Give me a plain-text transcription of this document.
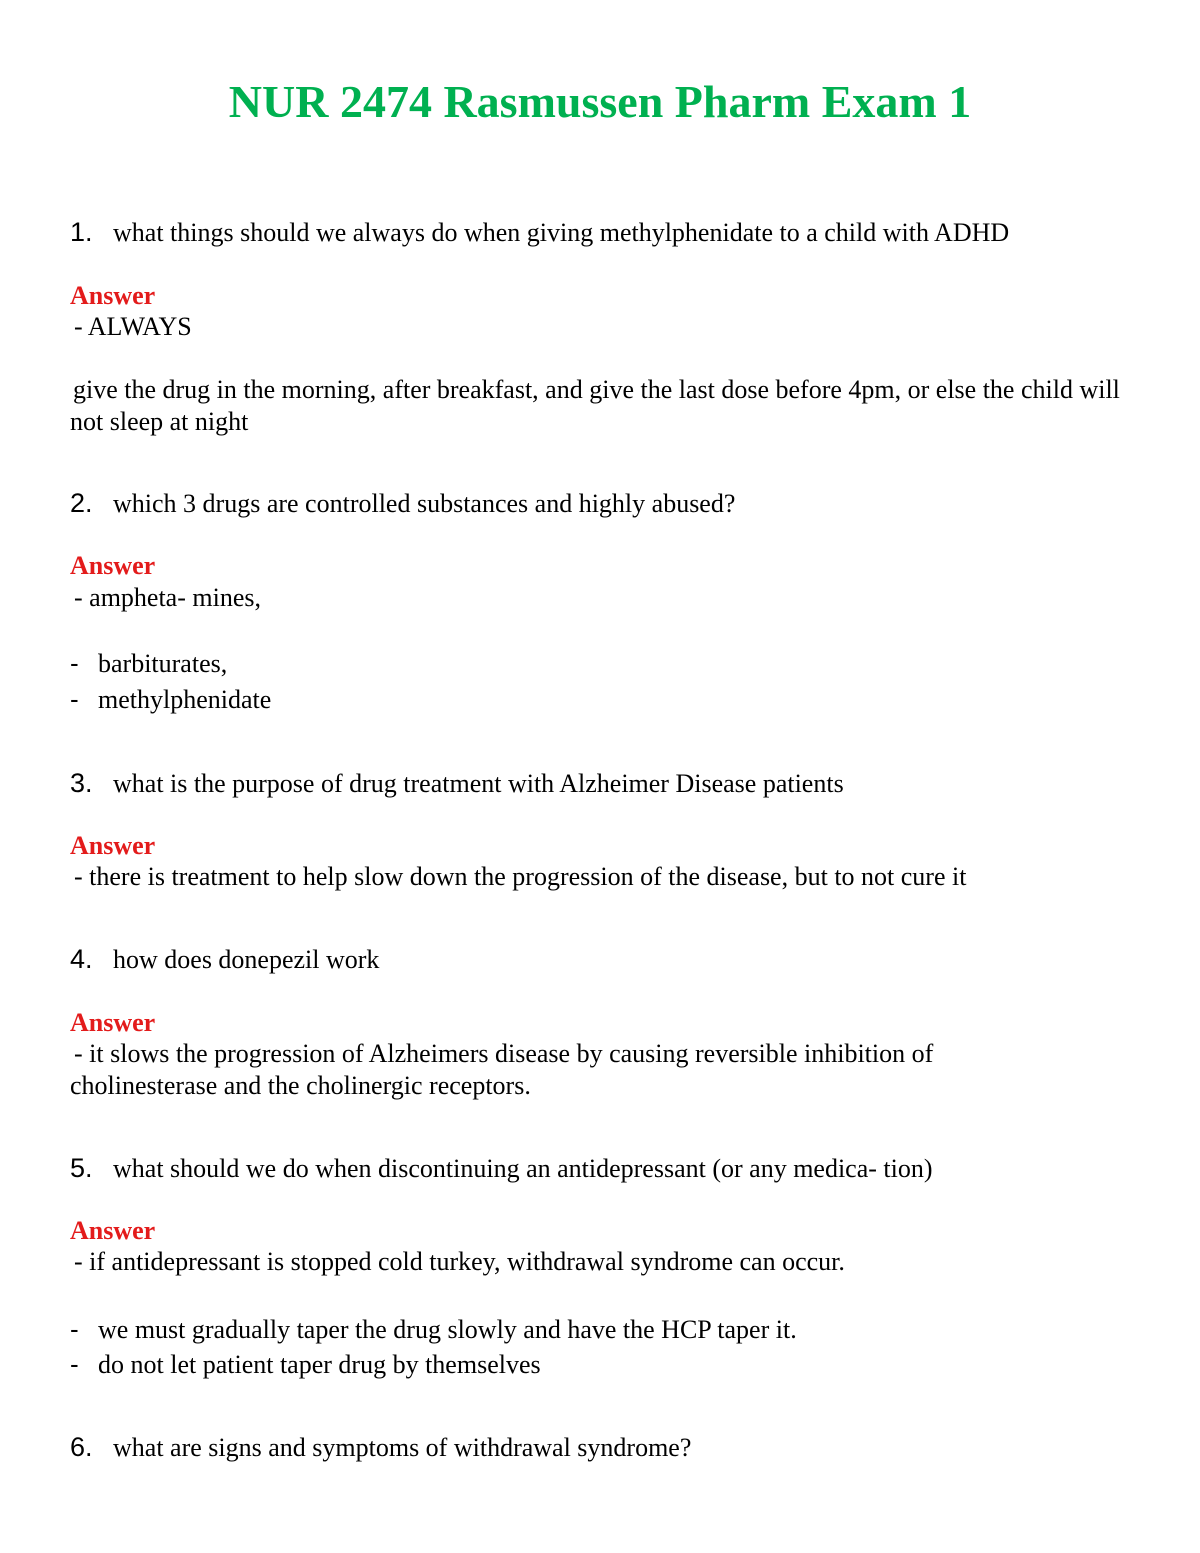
NUR 2474 Rasmussen Pharm Exam 1
1. what things should we always do when giving methylphenidate to a child with ADHD
Answer
- ALWAYS
give the drug in the morning, after breakfast, and give the last dose before 4pm, or else the child will not sleep at night
2. which 3 drugs are controlled substances and highly abused?
Answer
- ampheta- mines,
- barbiturates,
- methylphenidate
3. what is the purpose of drug treatment with Alzheimer Disease patients
Answer
- there is treatment to help slow down the progression of the disease, but to not cure it
4. how does donepezil work
Answer
- it slows the progression of Alzheimers disease by causing reversible inhibition of
cholinesterase and the cholinergic receptors.
5. what should we do when discontinuing an antidepressant (or any medica- tion)
Answer
- if antidepressant is stopped cold turkey, withdrawal syndrome can occur.
- we must gradually taper the drug slowly and have the HCP taper it.
- do not let patient taper drug by themselves
6. what are signs and symptoms of withdrawal syndrome?
